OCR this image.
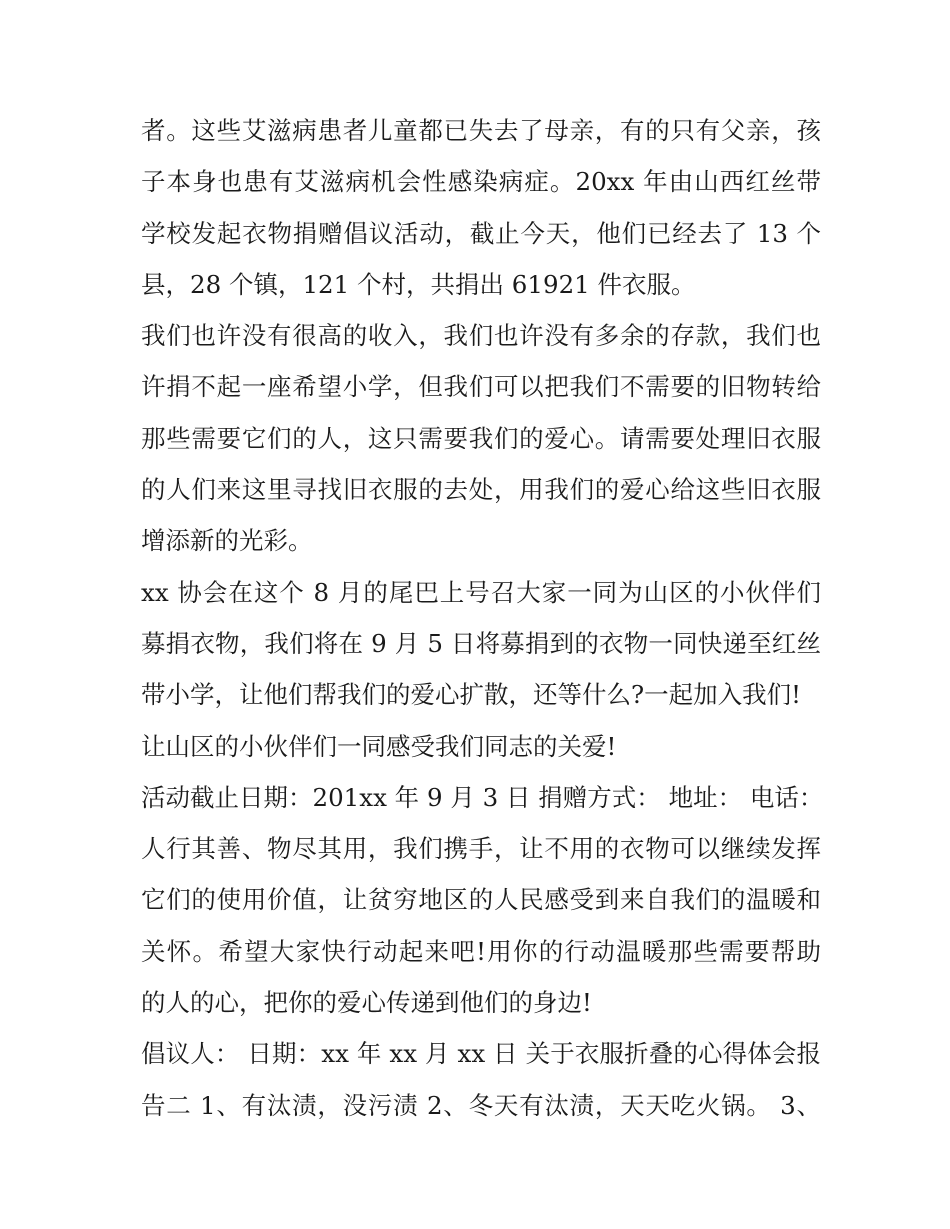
者。这些艾滋病患者儿童都已失去了母亲，有的只有父亲，孩
子本身也患有艾滋病机会性感染病症。20xx 年由山西红丝带
学校发起衣物捐赠倡议活动，截止今天，他们已经去了 13 个
县，28 个镇，121 个村，共捐出 61921 件衣服。
我们也许没有很高的收入，我们也许没有多余的存款，我们也
许捐不起一座希望小学，但我们可以把我们不需要的旧物转给
那些需要它们的人，这只需要我们的爱心。请需要处理旧衣服
的人们来这里寻找旧衣服的去处，用我们的爱心给这些旧衣服
增添新的光彩。
xx 协会在这个 8 月的尾巴上号召大家一同为山区的小伙伴们
募捐衣物，我们将在 9 月 5 日将募捐到的衣物一同快递至红丝
带小学，让他们帮我们的爱心扩散，还等什么?一起加入我们!
让山区的小伙伴们一同感受我们同志的关爱!
活动截止日期：201xx 年 9 月 3 日 捐赠方式： 地址： 电话：
人行其善、物尽其用，我们携手，让不用的衣物可以继续发挥
它们的使用价值，让贫穷地区的人民感受到来自我们的温暖和
关怀。希望大家快行动起来吧!用你的行动温暖那些需要帮助
的人的心，把你的爱心传递到他们的身边!
倡议人： 日期：xx 年 xx 月 xx 日 关于衣服折叠的心得体会报
告二 1、有汰渍，没污渍 2、冬天有汰渍，天天吃火锅。 3、
